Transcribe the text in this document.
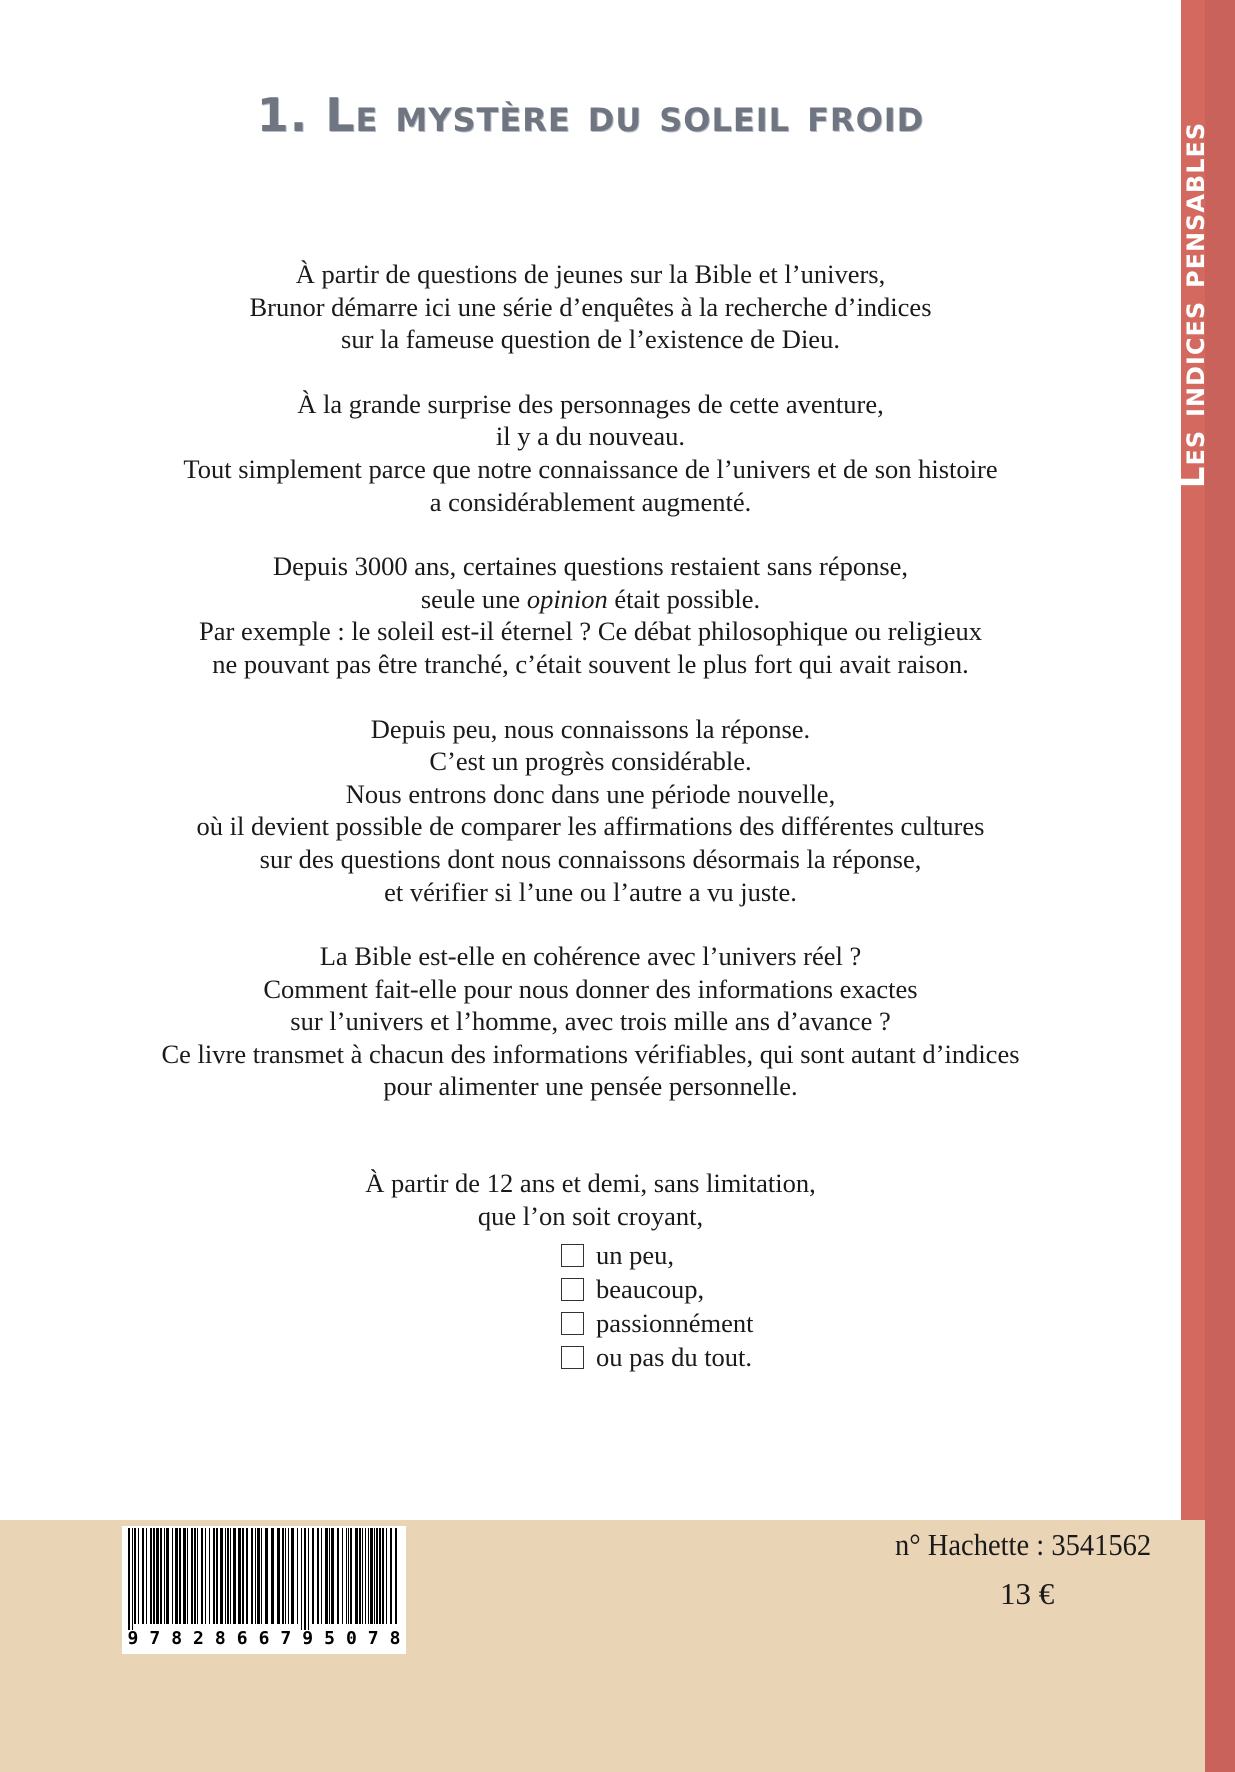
Les indices pensables
1. Le mystère du soleil froid

À partir de questions de jeunes sur la Bible et l’univers,
Brunor démarre ici une série d’enquêtes à la recherche d’indices
sur la fameuse question de l’existence de Dieu.

À la grande surprise des personnages de cette aventure,
il y a du nouveau.
Tout simplement parce que notre connaissance de l’univers et de son histoire
a considérablement augmenté.

Depuis 3000 ans, certaines questions restaient sans réponse,
seule une opinion était possible.
Par exemple : le soleil est-il éternel ? Ce débat philosophique ou religieux
ne pouvant pas être tranché, c’était souvent le plus fort qui avait raison.

Depuis peu, nous connaissons la réponse.
C’est un progrès considérable.
Nous entrons donc dans une période nouvelle,
où il devient possible de comparer les affirmations des différentes cultures
sur des questions dont nous connaissons désormais la réponse,
et vérifier si l’une ou l’autre a vu juste.

La Bible est-elle en cohérence avec l’univers réel ?
Comment fait-elle pour nous donner des informations exactes
sur l’univers et l’homme, avec trois mille ans d’avance ?
Ce livre transmet à chacun des informations vérifiables, qui sont autant d’indices
pour alimenter une pensée personnelle.

À partir de 12 ans et demi, sans limitation,
que l’on soit croyant,
un peu,
beaucoup,
passionnément
ou pas du tout.
9 7 8 2 8 6 6 7 9 5 0 7 8
n° Hachette : 3541562
13 €
